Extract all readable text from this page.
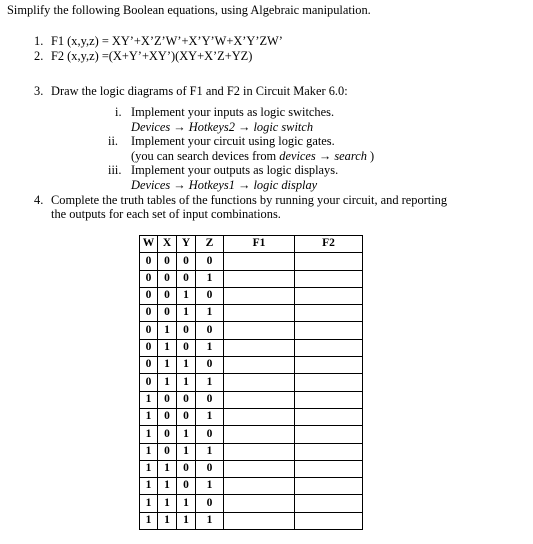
Simplify the following Boolean equations, using Algebraic manipulation.
1. F1 (x,y,z) = XY’+X’Z’W’+X’Y’W+X’Y’ZW’
2. F2 (x,y,z) =(X+Y’+XY’)(XY+X’Z+YZ)
3. Draw the logic diagrams of F1 and F2 in Circuit Maker 6.0:
i. Implement your inputs as logic switches.
Devices → Hotkeys2 → logic switch
ii. Implement your circuit using logic gates.
(you can search devices from devices → search )
iii. Implement your outputs as logic displays.
Devices → Hotkeys1 → logic display
4. Complete the truth tables of the functions by running your circuit, and reporting
the outputs for each set of input combinations.
W	X	Y	Z	F1	F2
0	0	0	0		
0	0	0	1		
0	0	1	0		
0	0	1	1		
0	1	0	0		
0	1	0	1		
0	1	1	0		
0	1	1	1		
1	0	0	0		
1	0	0	1		
1	0	1	0		
1	0	1	1		
1	1	0	0		
1	1	0	1		
1	1	1	0		
1	1	1	1		
